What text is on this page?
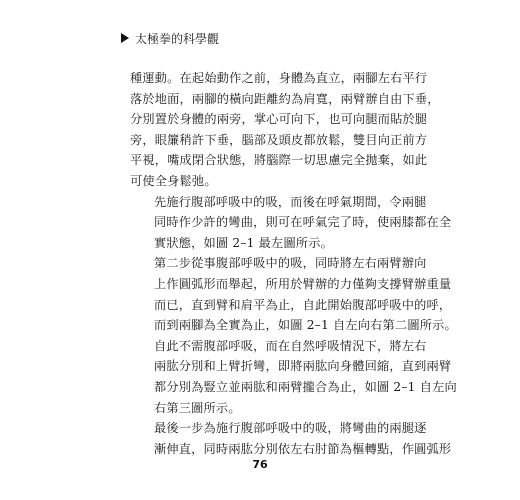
太極拳的科學觀

種運動。在起始動作之前，身體為直立，兩腳左右平行
落於地面，兩腳的橫向距離約為肩寬，兩臂辦自由下垂，
分別置於身體的兩旁，掌心可向下，也可向腿而貼於腿
旁，眼簾稍許下垂，腦部及頭皮都放鬆，雙目向正前方
平視，嘴成閉合狀態，將腦際一切思慮完全拋棄，如此
可使全身鬆弛。

先施行腹部呼吸中的吸，而後在呼氣期間，令兩腿
同時作少許的彎曲，則可在呼氣完了時，使兩膝都在全
實狀態，如圖 2–1 最左圖所示。

第二步從事腹部呼吸中的吸，同時將左右兩臂辦向
上作圓弧形而舉起，所用於臂辦的力僅夠支撐臂辦重量
而已，直到臂和肩平為止，自此開始腹部呼吸中的呼，
而到兩腳為全實為止，如圖 2–1 自左向右第二圖所示。

自此不需腹部呼吸，而在自然呼吸情況下，將左右
兩肱分別和上臂折彎，即將兩肱向身體回縮，直到兩臂
都分別為豎立並兩肱和兩臂攏合為止，如圖 2–1 自左向
右第三圖所示。

最後一步為施行腹部呼吸中的吸，將彎曲的兩腿逐
漸伸直，同時兩肱分別依左右肘節為樞轉點，作圓弧形

76
